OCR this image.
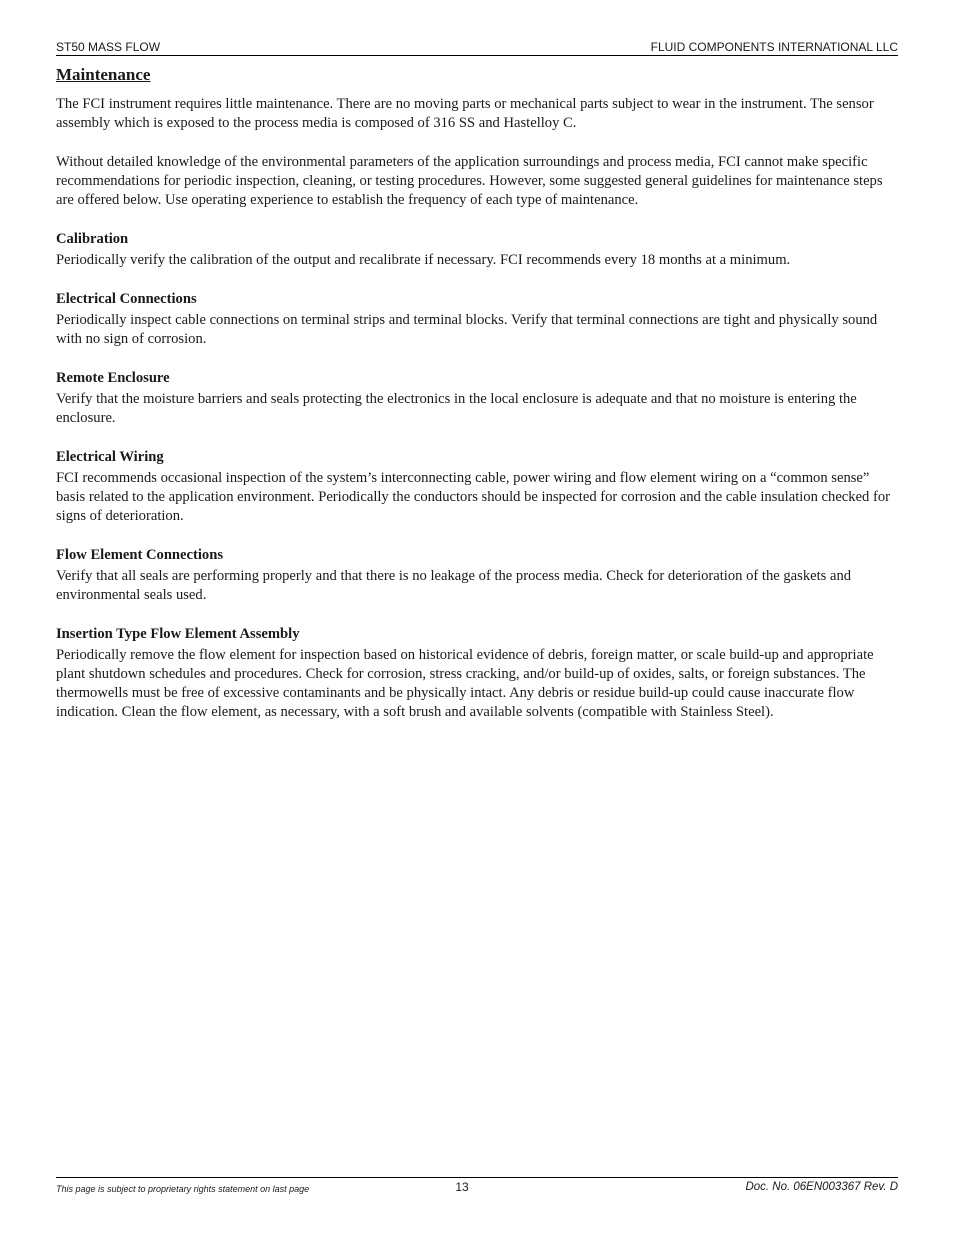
ST50 MASS FLOW	FLUID COMPONENTS INTERNATIONAL LLC
Maintenance

The FCI instrument requires little maintenance. There are no moving parts or mechanical parts subject to wear in the instrument. The sensor assembly which is exposed to the process media is composed of 316 SS and Hastelloy C.

Without detailed knowledge of the environmental parameters of the application surroundings and process media, FCI cannot make specific recommendations for periodic inspection, cleaning, or testing procedures. However, some suggested general guidelines for maintenance steps are offered below. Use operating experience to establish the frequency of each type of maintenance.

Calibration

Periodically verify the calibration of the output and recalibrate if necessary. FCI recommends every 18 months at a minimum.

Electrical Connections

Periodically inspect cable connections on terminal strips and terminal blocks. Verify that terminal connections are tight and physically sound with no sign of corrosion.

Remote Enclosure

Verify that the moisture barriers and seals protecting the electronics in the local enclosure is adequate and that no moisture is entering the enclosure.

Electrical Wiring

FCI recommends occasional inspection of the system’s interconnecting cable, power wiring and flow element wiring on a “common sense” basis related to the application environment. Periodically the conductors should be inspected for corrosion and the cable insulation checked for signs of deterioration.

Flow Element Connections

Verify that all seals are performing properly and that there is no leakage of the process media. Check for deterioration of the gaskets and environmental seals used.

Insertion Type Flow Element Assembly

Periodically remove the flow element for inspection based on historical evidence of debris, foreign matter, or scale build-up and appropriate plant shutdown schedules and procedures. Check for corrosion, stress cracking, and/or build-up of oxides, salts, or foreign substances. The thermowells must be free of excessive contaminants and be physically intact. Any debris or residue build-up could cause inaccurate flow indication. Clean the flow element, as necessary, with a soft brush and available solvents (compatible with Stainless Steel).

This page is subject to proprietary rights statement on last page	13	Doc. No. 06EN003367 Rev. D
